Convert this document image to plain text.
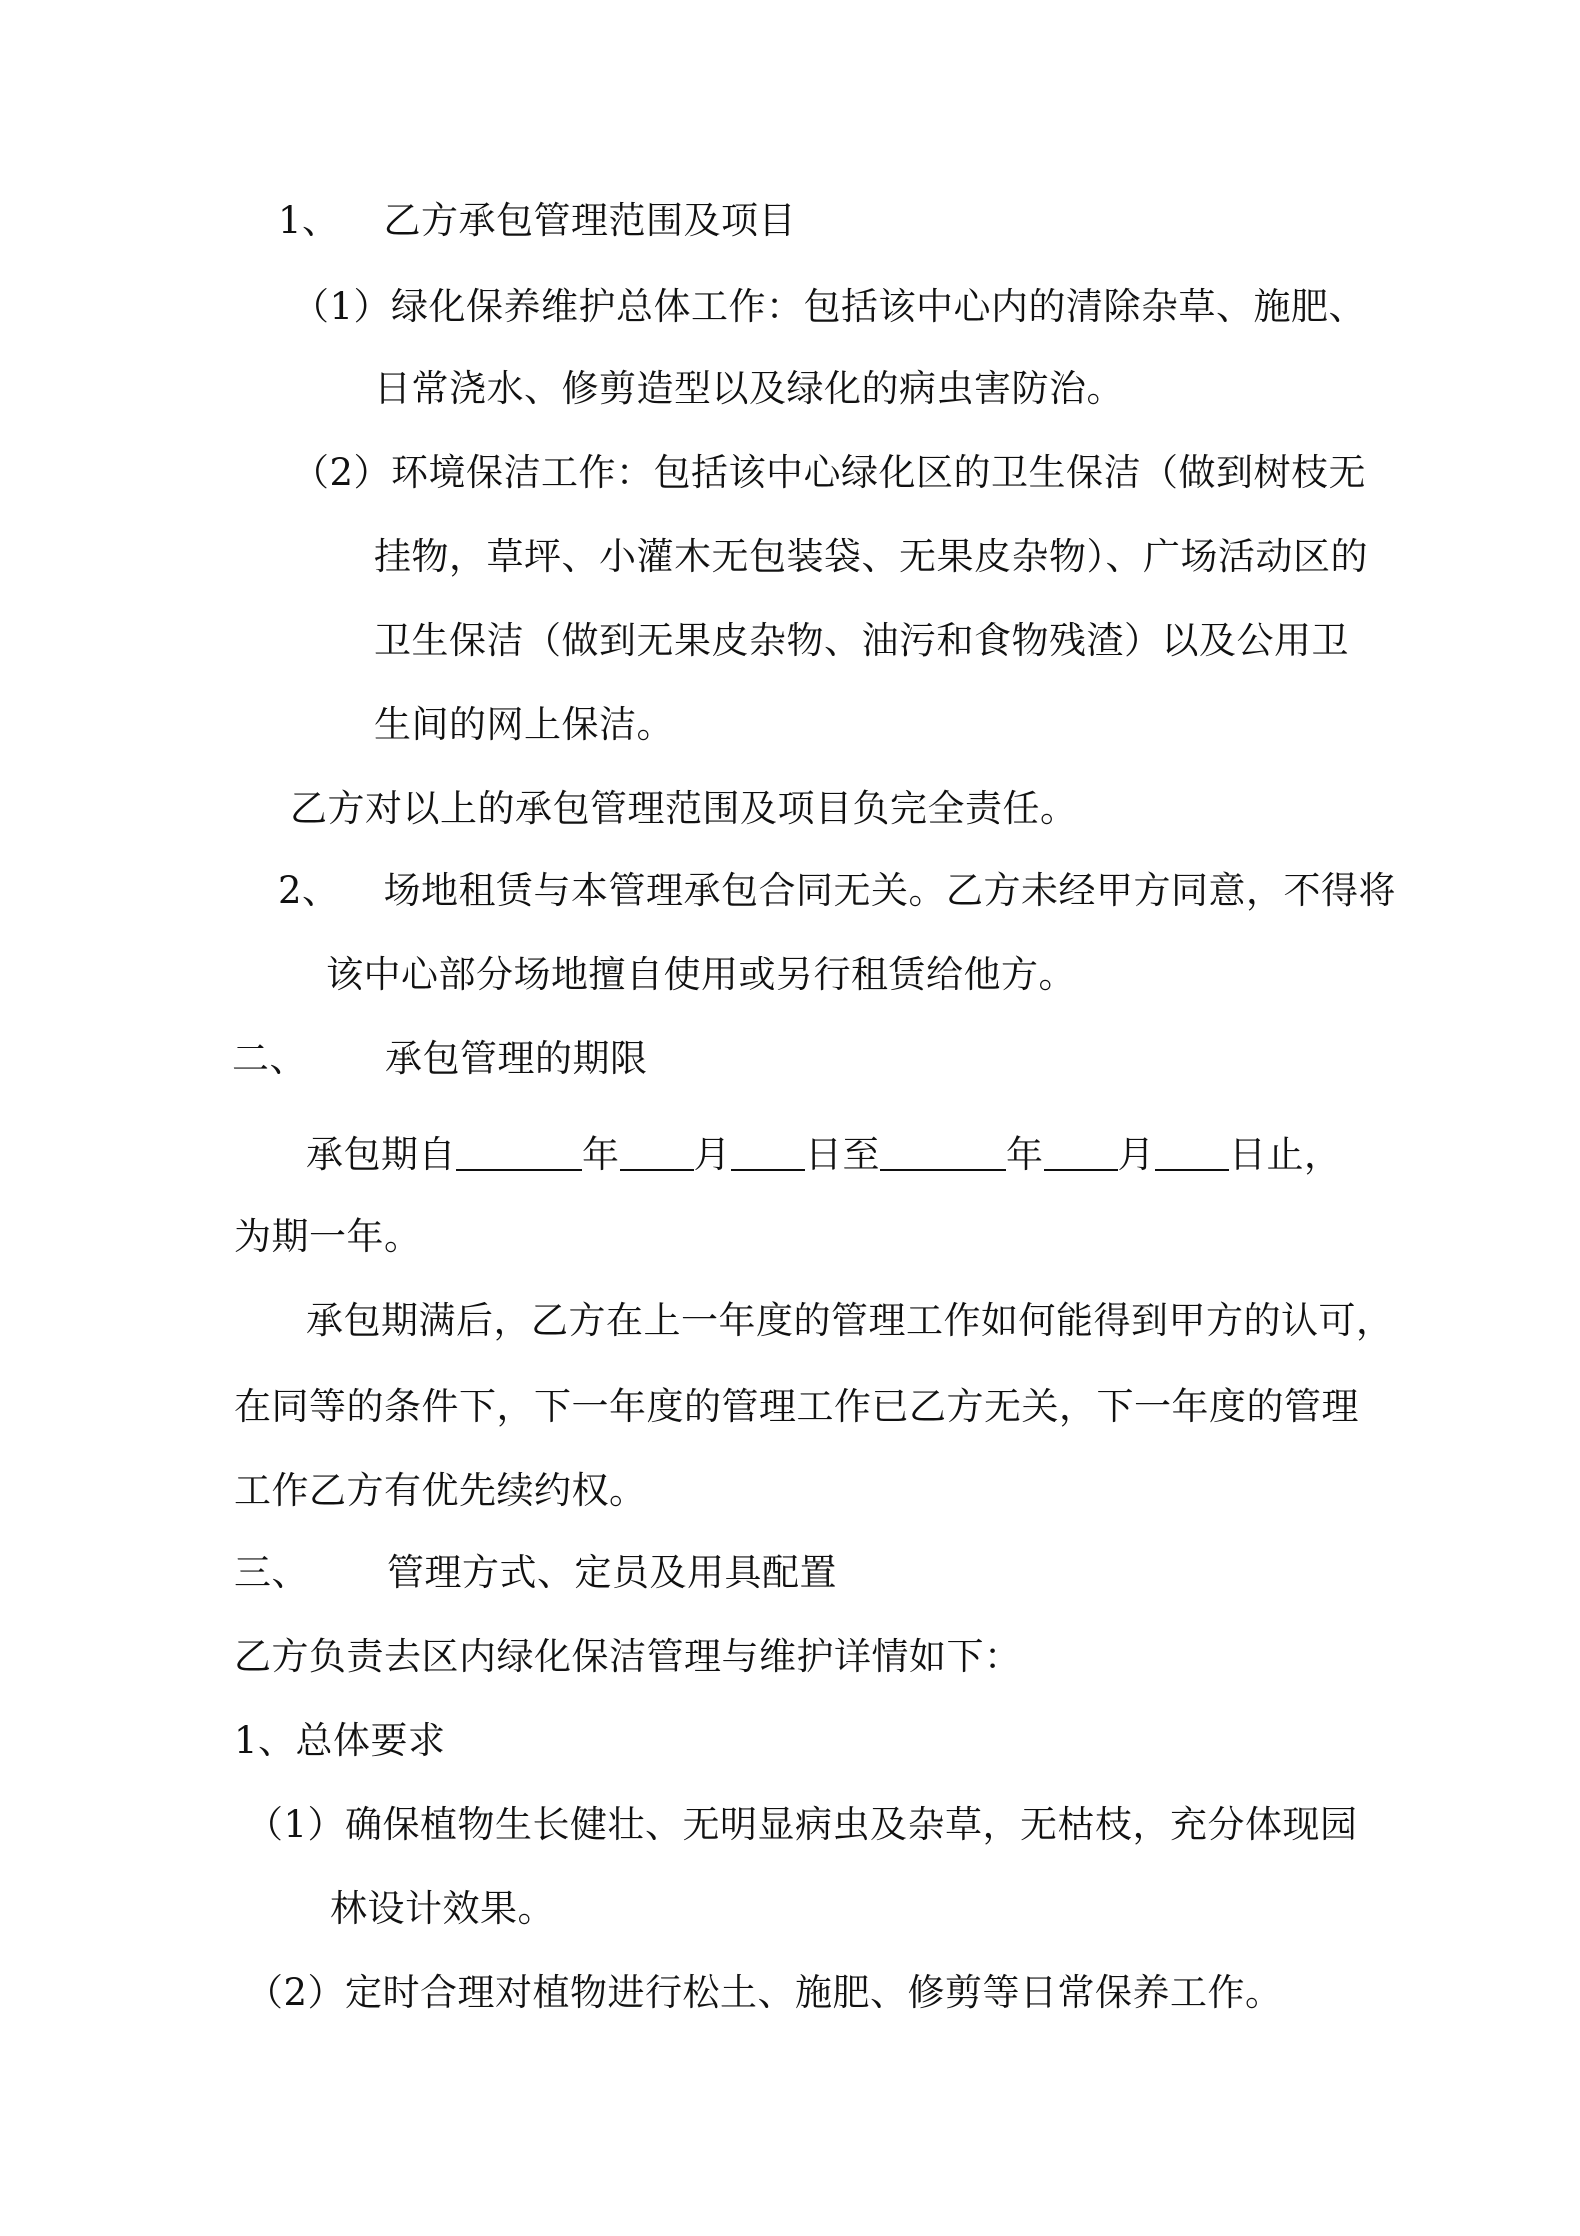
1、 乙方承包管理范围及项目
（1）绿化保养维护总体工作：包括该中心内的清除杂草、施肥、
日常浇水、修剪造型以及绿化的病虫害防治。
（2）环境保洁工作：包括该中心绿化区的卫生保洁（做到树枝无
挂物，草坪、小灌木无包装袋、无果皮杂物）、广场活动区的
卫生保洁（做到无果皮杂物、油污和食物残渣）以及公用卫
生间的网上保洁。
乙方对以上的承包管理范围及项目负完全责任。
2、 场地租赁与本管理承包合同无关。乙方未经甲方同意，不得将
该中心部分场地擅自使用或另行租赁给他方。
二、 承包管理的期限
承包期自	年 月 日至	年 月 日止，
为期一年。
承包期满后，乙方在上一年度的管理工作如何能得到甲方的认可，
在同等的条件下，下一年度的管理工作已乙方无关，下一年度的管理
工作乙方有优先续约权。
三、 管理方式、定员及用具配置
乙方负责去区内绿化保洁管理与维护详情如下：
1、总体要求
（1）确保植物生长健壮、无明显病虫及杂草，无枯枝，充分体现园
林设计效果。
（2）定时合理对植物进行松土、施肥、修剪等日常保养工作。
